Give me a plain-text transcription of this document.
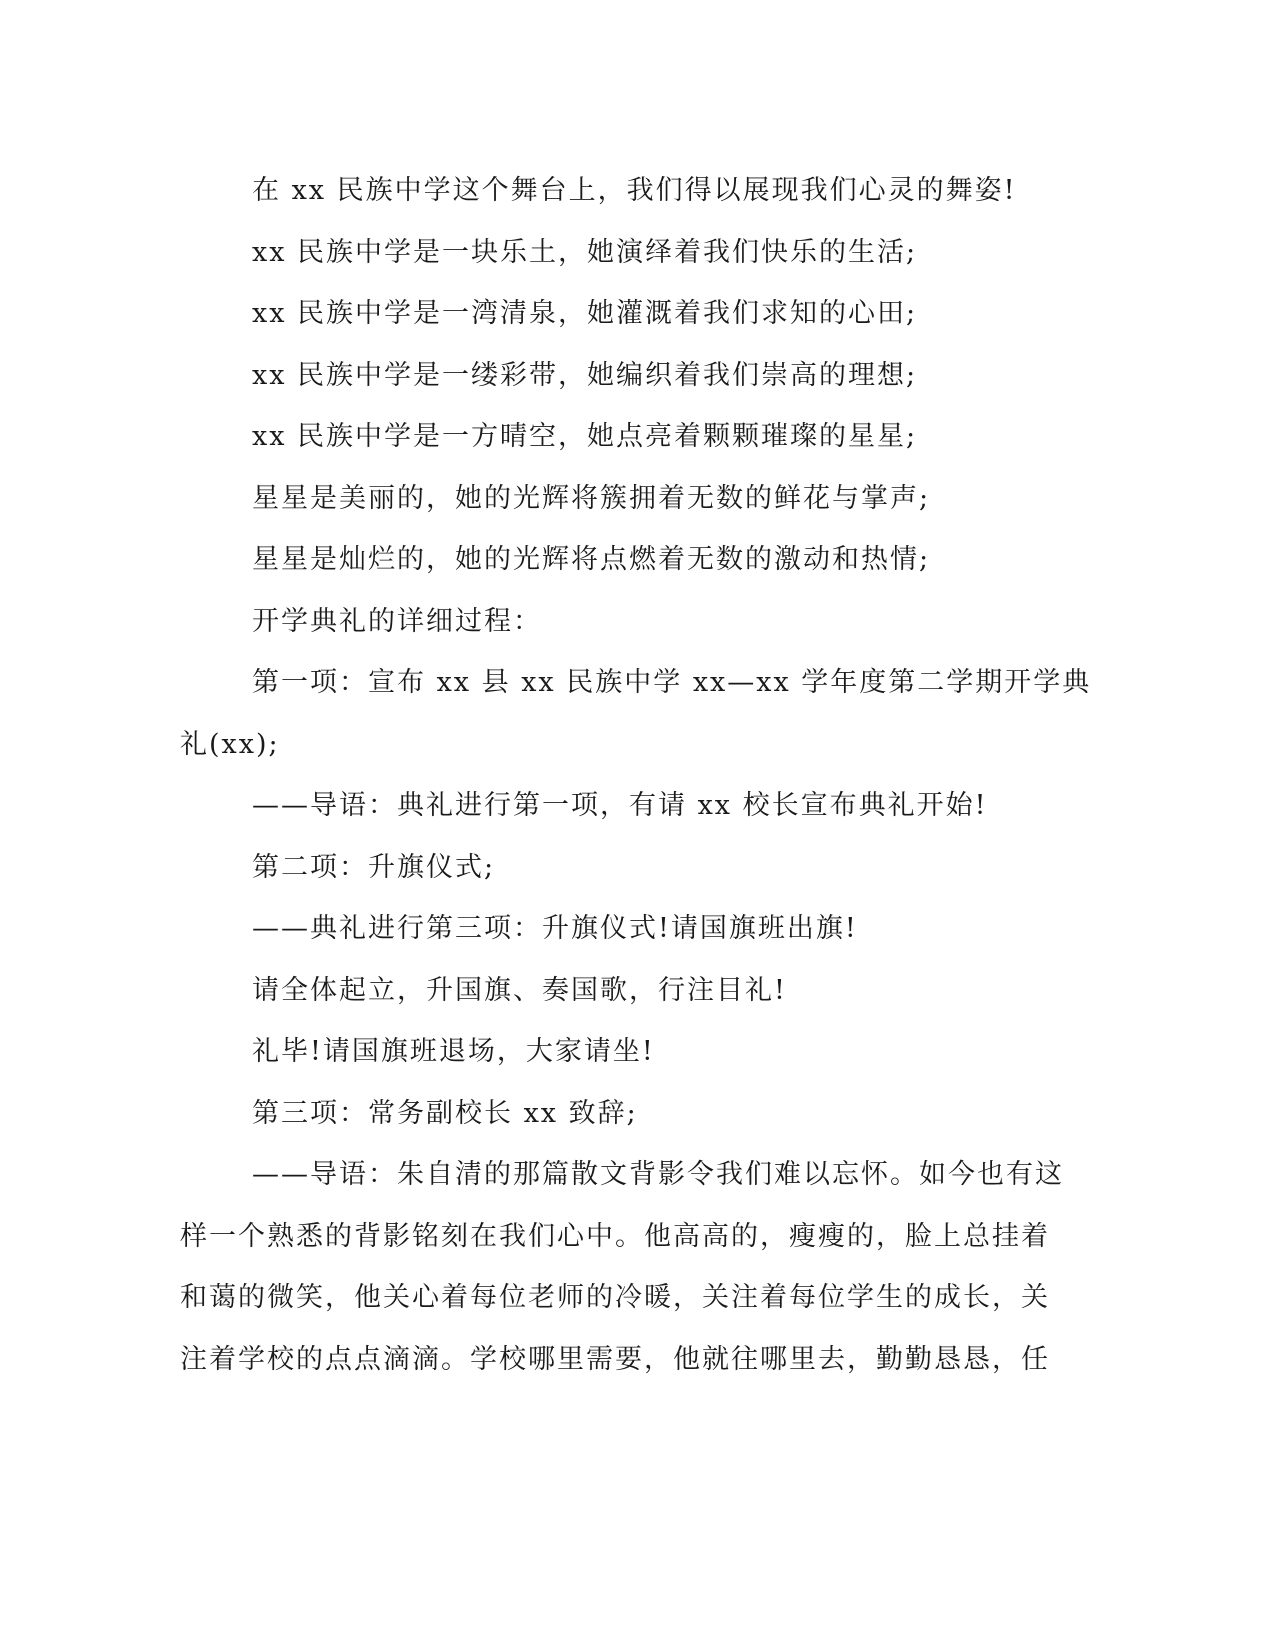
在 xx 民族中学这个舞台上，我们得以展现我们心灵的舞姿!
xx 民族中学是一块乐土，她演绎着我们快乐的生活;
xx 民族中学是一湾清泉，她灌溉着我们求知的心田;
xx 民族中学是一缕彩带，她编织着我们崇高的理想;
xx 民族中学是一方晴空，她点亮着颗颗璀璨的星星;
星星是美丽的，她的光辉将簇拥着无数的鲜花与掌声;
星星是灿烂的，她的光辉将点燃着无数的激动和热情;
开学典礼的详细过程：
第一项：宣布 xx 县 xx 民族中学 xx—xx 学年度第二学期开学典
礼(xx);
——导语：典礼进行第一项，有请 xx 校长宣布典礼开始!
第二项：升旗仪式;
——典礼进行第三项：升旗仪式!请国旗班出旗!
请全体起立，升国旗、奏国歌，行注目礼!
礼毕!请国旗班退场，大家请坐!
第三项：常务副校长 xx 致辞;
——导语：朱自清的那篇散文背影令我们难以忘怀。如今也有这
样一个熟悉的背影铭刻在我们心中。他高高的，瘦瘦的，脸上总挂着
和蔼的微笑，他关心着每位老师的冷暖，关注着每位学生的成长，关
注着学校的点点滴滴。学校哪里需要，他就往哪里去，勤勤恳恳，任
